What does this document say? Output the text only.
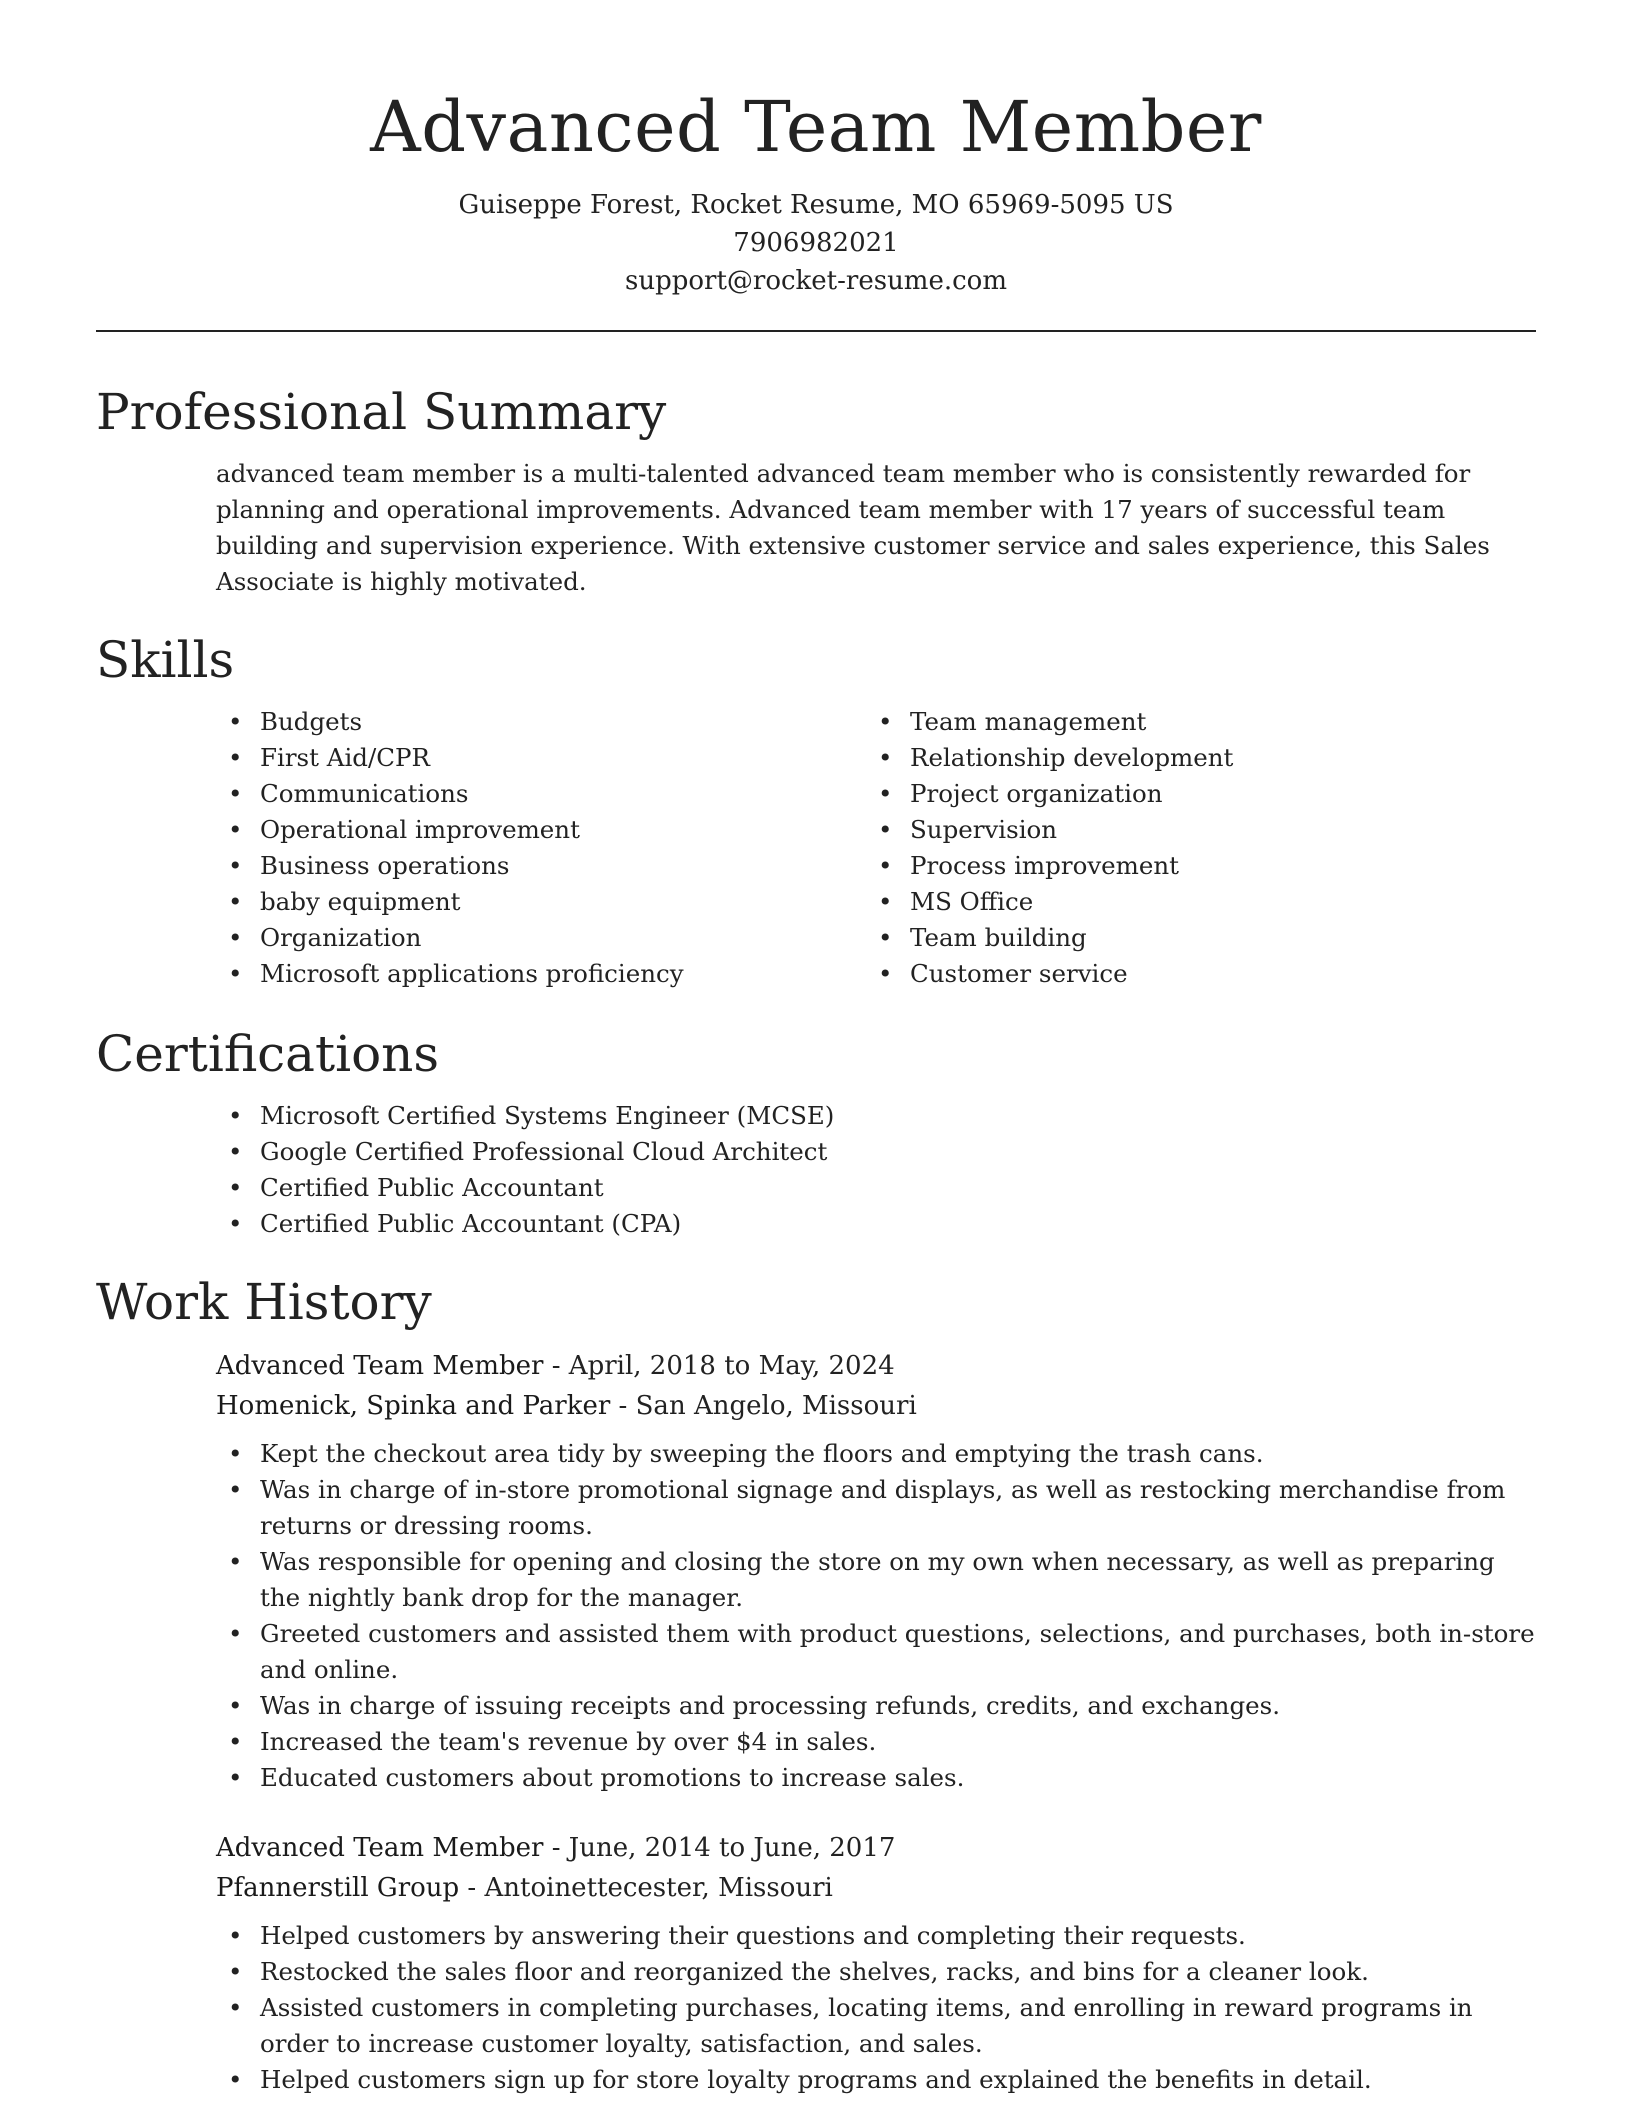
Advanced Team Member
Guiseppe Forest, Rocket Resume, MO 65969-5095 US
7906982021
support@rocket-resume.com
Professional Summary
advanced team member is a multi-talented advanced team member who is consistently rewarded for planning and operational improvements. Advanced team member with 17 years of successful team building and supervision experience. With extensive customer service and sales experience, this Sales Associate is highly motivated.
Skills
• Budgets
• First Aid/CPR
• Communications
• Operational improvement
• Business operations
• baby equipment
• Organization
• Microsoft applications proficiency
• Team management
• Relationship development
• Project organization
• Supervision
• Process improvement
• MS Office
• Team building
• Customer service
Certifications
• Microsoft Certified Systems Engineer (MCSE)
• Google Certified Professional Cloud Architect
• Certified Public Accountant
• Certified Public Accountant (CPA)
Work History
Advanced Team Member - April, 2018 to May, 2024
Homenick, Spinka and Parker - San Angelo, Missouri
• Kept the checkout area tidy by sweeping the floors and emptying the trash cans.
• Was in charge of in-store promotional signage and displays, as well as restocking merchandise from returns or dressing rooms.
• Was responsible for opening and closing the store on my own when necessary, as well as preparing the nightly bank drop for the manager.
• Greeted customers and assisted them with product questions, selections, and purchases, both in-store and online.
• Was in charge of issuing receipts and processing refunds, credits, and exchanges.
• Increased the team's revenue by over $4 in sales.
• Educated customers about promotions to increase sales.
Advanced Team Member - June, 2014 to June, 2017
Pfannerstill Group - Antoinettecester, Missouri
• Helped customers by answering their questions and completing their requests.
• Restocked the sales floor and reorganized the shelves, racks, and bins for a cleaner look.
• Assisted customers in completing purchases, locating items, and enrolling in reward programs in order to increase customer loyalty, satisfaction, and sales.
• Helped customers sign up for store loyalty programs and explained the benefits in detail.
